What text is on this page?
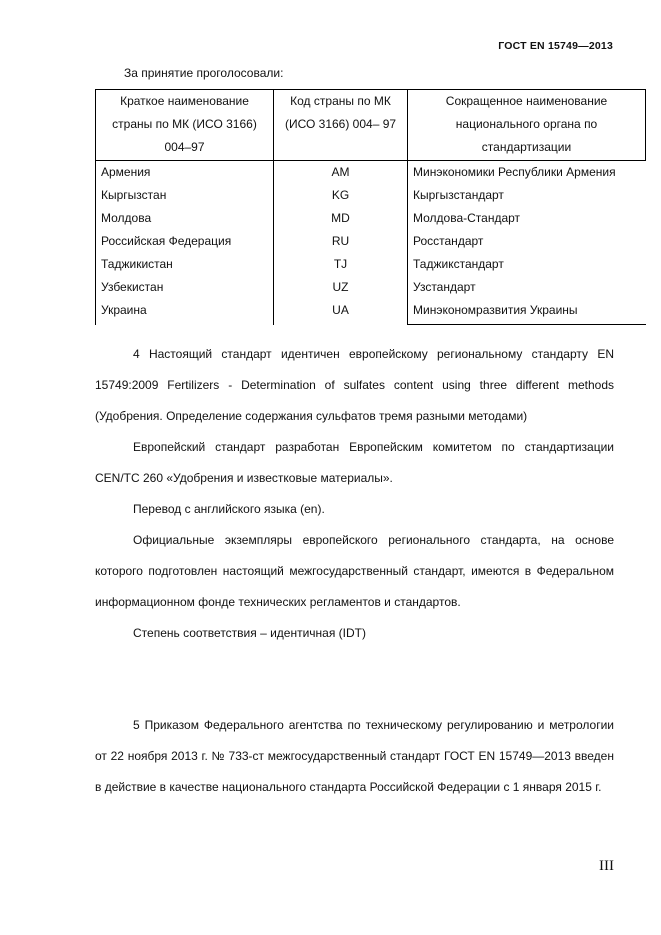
ГОСТ EN 15749—2013
За принятие проголосовали:
Краткое наименование страны по МК (ИСО 3166) 004–97	Код страны по МК (ИСО 3166) 004– 97	Сокращенное наименование национального органа по стандартизации
Армения	AM	Минэкономики Республики Армения
Кыргызстан	KG	Кыргызстандарт
Молдова	MD	Молдова-Стандарт
Российская Федерация	RU	Росстандарт
Таджикистан	TJ	Таджикстандарт
Узбекистан	UZ	Узстандарт
Украина	UA	Минэкономразвития Украины

4 Настоящий стандарт идентичен европейскому региональному стандарту EN 15749:2009 Fertilizers - Determination of sulfates content using three different methods (Удобрения. Определение содержания сульфатов тремя разными методами)

Европейский стандарт разработан Европейским комитетом по стандартизации CEN/TC 260 «Удобрения и известковые материалы».

Перевод с английского языка (en).

Официальные экземпляры европейского регионального стандарта, на основе которого подготовлен настоящий межгосударственный стандарт, имеются в Федеральном информационном фонде технических регламентов и стандартов.

Степень соответствия – идентичная (IDT)

5 Приказом Федерального агентства по техническому регулированию и метрологии от 22 ноября 2013 г. № 733-ст межгосударственный стандарт ГОСТ EN 15749—2013 введен в действие в качестве национального стандарта Российской Федерации с 1 января 2015 г.

III
